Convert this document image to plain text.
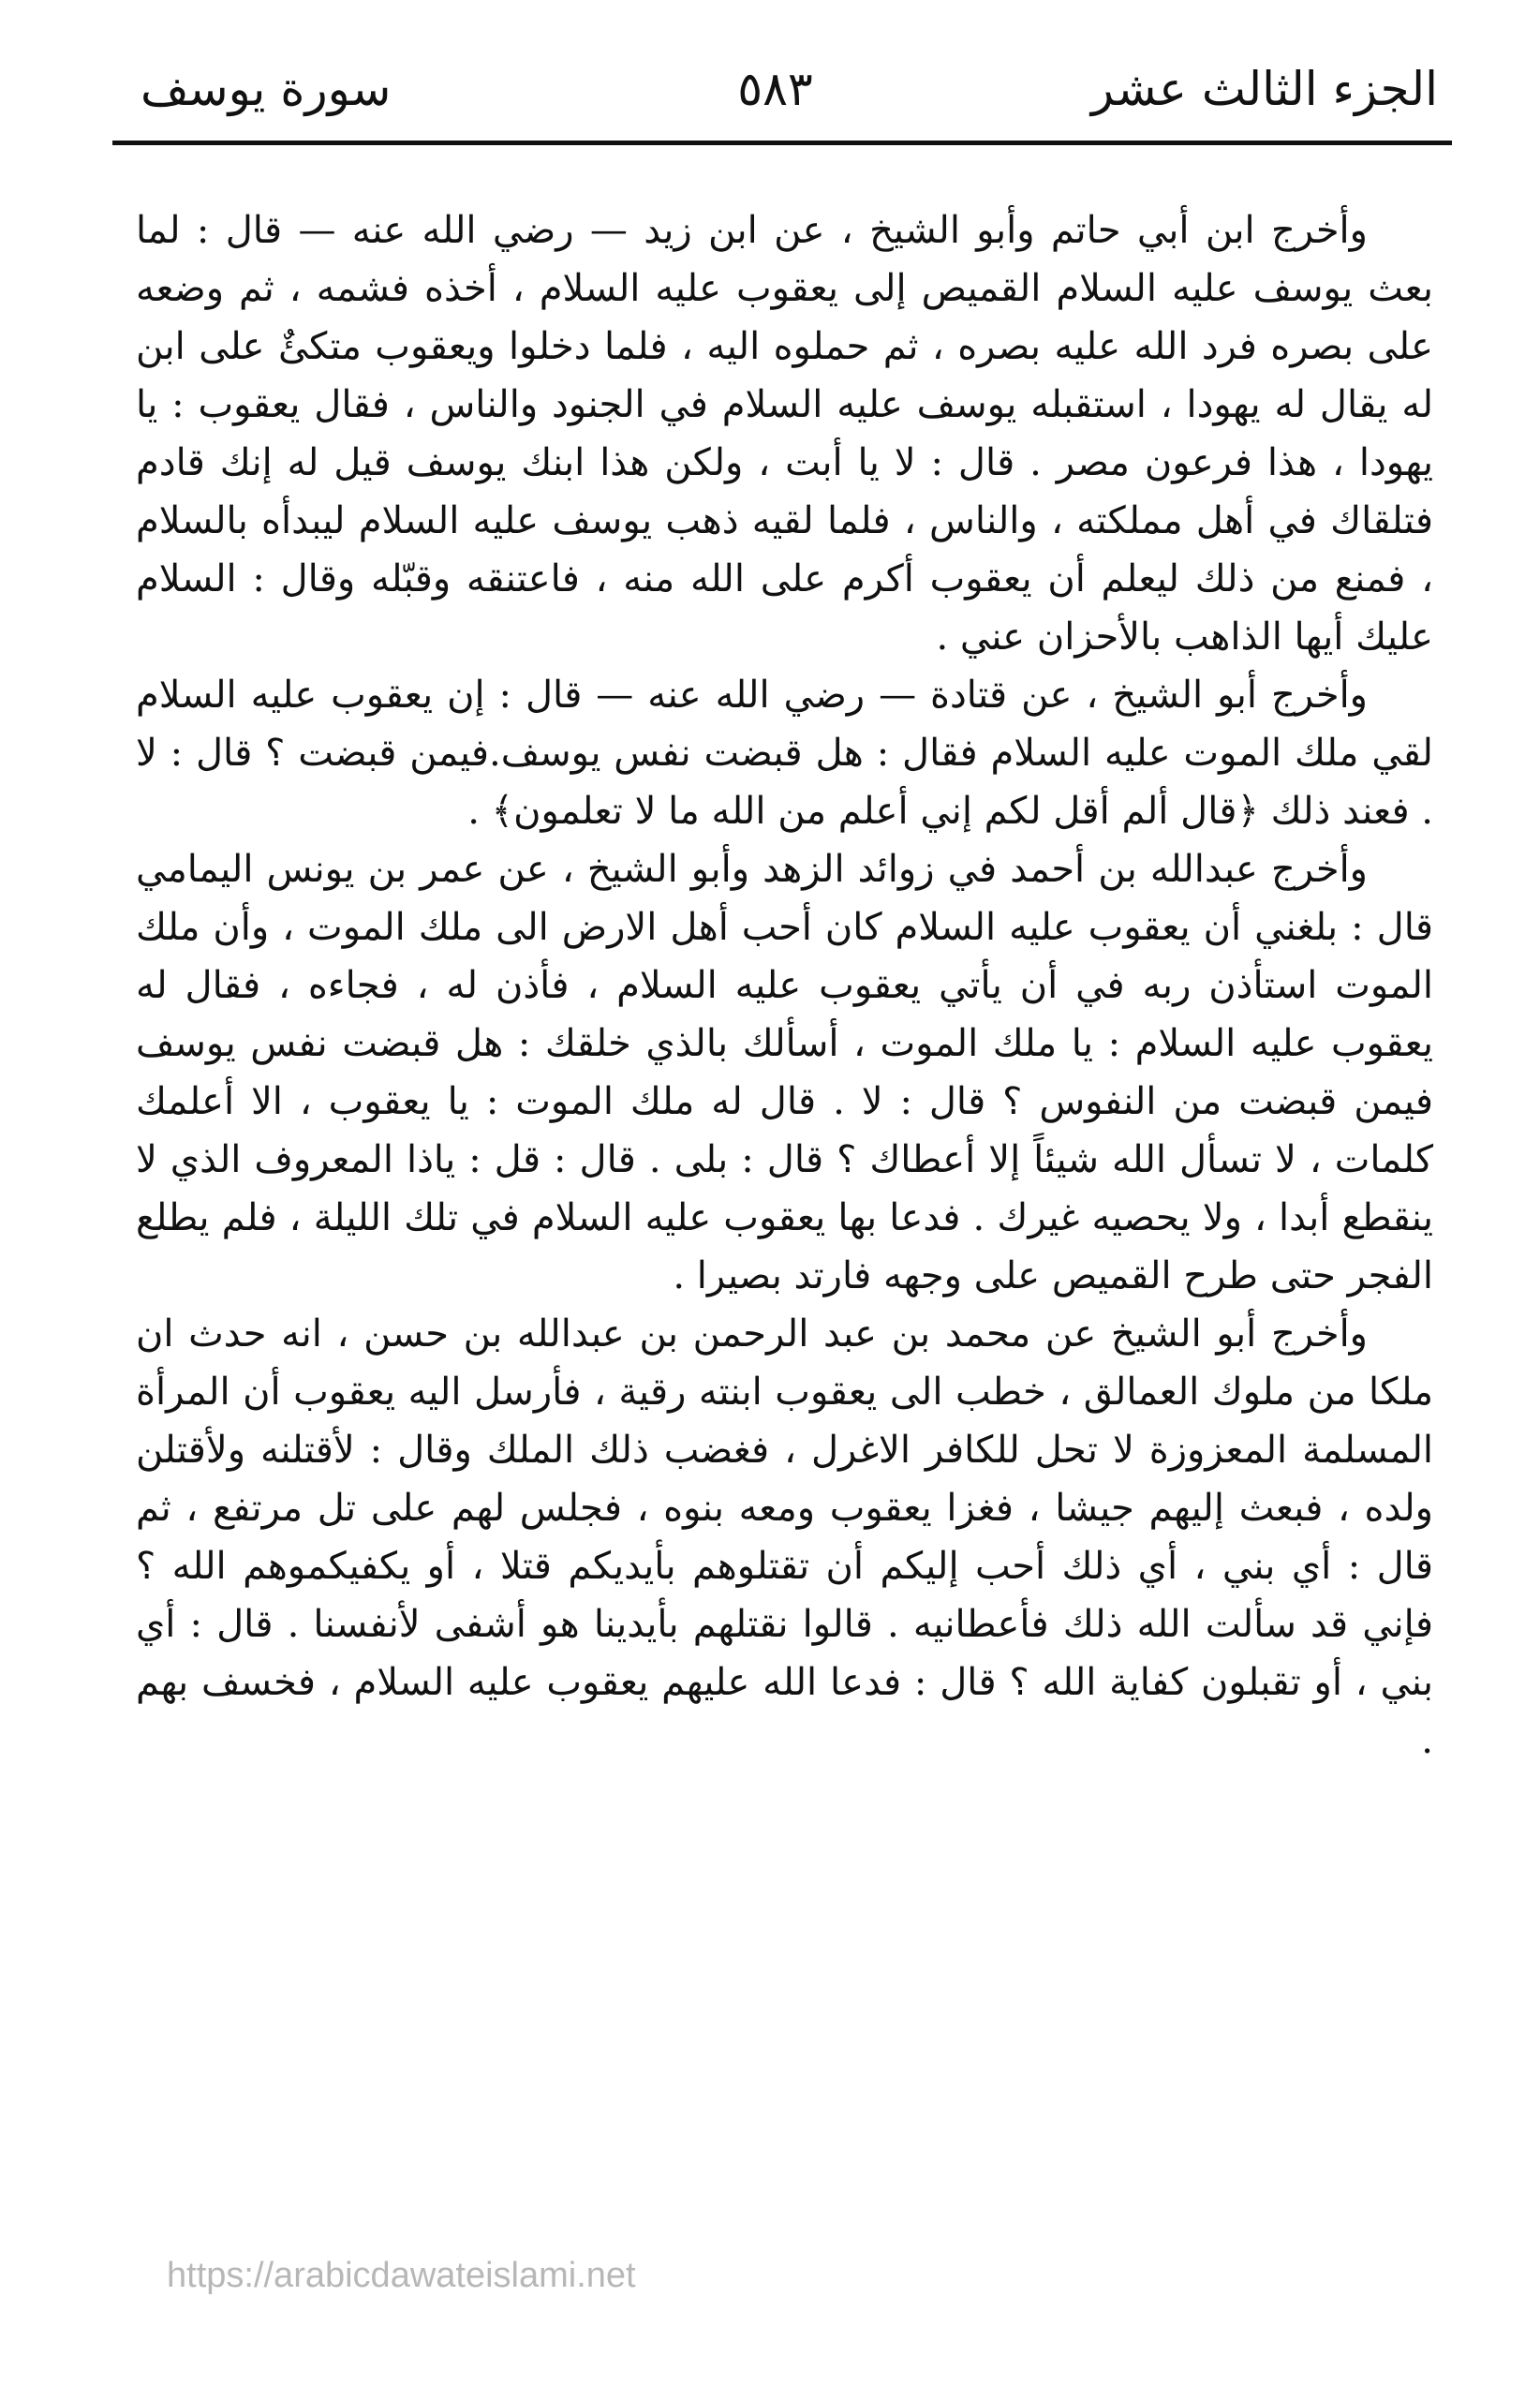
الجزء الثالث عشر
٥٨٣
سورة يوسف

وأخرج ابن أبي حاتم وأبو الشيخ ، عن ابن زيد — رضي الله عنه — قال : لما بعث يوسف عليه السلام القميص إلى يعقوب عليه السلام ، أخذه فشمه ، ثم وضعه على بصره فرد الله عليه بصره ، ثم حملوه اليه ، فلما دخلوا ويعقوب متكئٌ على ابن له يقال له يهودا ، استقبله يوسف عليه السلام في الجنود والناس ، فقال يعقوب : يا يهودا ، هذا فرعون مصر . قال : لا يا أبت ، ولكن هذا ابنك يوسف قيل له إنك قادم فتلقاك في أهل مملكته ، والناس ، فلما لقيه ذهب يوسف عليه السلام ليبدأه بالسلام ، فمنع من ذلك ليعلم أن يعقوب أكرم على الله منه ، فاعتنقه وقبّله وقال : السلام عليك أيها الذاهب بالأحزان عني .

وأخرج أبو الشيخ ، عن قتادة — رضي الله عنه — قال : إن يعقوب عليه السلام لقي ملك الموت عليه السلام فقال : هل قبضت نفس يوسف.فيمن قبضت ؟ قال : لا . فعند ذلك ﴿قال ألم أقل لكم إني أعلم من الله ما لا تعلمون﴾ .

وأخرج عبدالله بن أحمد في زوائد الزهد وأبو الشيخ ، عن عمر بن يونس اليمامي قال : بلغني أن يعقوب عليه السلام كان أحب أهل الارض الى ملك الموت ، وأن ملك الموت استأذن ربه في أن يأتي يعقوب عليه السلام ، فأذن له ، فجاءه ، فقال له يعقوب عليه السلام : يا ملك الموت ، أسألك بالذي خلقك : هل قبضت نفس يوسف فيمن قبضت من النفوس ؟ قال : لا . قال له ملك الموت : يا يعقوب ، الا أعلمك كلمات ، لا تسأل الله شيئاً إلا أعطاك ؟ قال : بلى . قال : قل : ياذا المعروف الذي لا ينقطع أبدا ، ولا يحصيه غيرك . فدعا بها يعقوب عليه السلام في تلك الليلة ، فلم يطلع الفجر حتى طرح القميص على وجهه فارتد بصيرا .

وأخرج أبو الشيخ عن محمد بن عبد الرحمن بن عبدالله بن حسن ، انه حدث ان ملكا من ملوك العمالق ، خطب الى يعقوب ابنته رقية ، فأرسل اليه يعقوب أن المرأة المسلمة المعزوزة لا تحل للكافر الاغرل ، فغضب ذلك الملك وقال : لأقتلنه ولأقتلن ولده ، فبعث إليهم جيشا ، فغزا يعقوب ومعه بنوه ، فجلس لهم على تل مرتفع ، ثم قال : أي بني ، أي ذلك أحب إليكم أن تقتلوهم بأيديكم قتلا ، أو يكفيكموهم الله ؟ فإني قد سألت الله ذلك فأعطانيه . قالوا نقتلهم بأيدينا هو أشفى لأنفسنا . قال : أي بني ، أو تقبلون كفاية الله ؟ قال : فدعا الله عليهم يعقوب عليه السلام ، فخسف بهم .

https://arabicdawateislami.net
